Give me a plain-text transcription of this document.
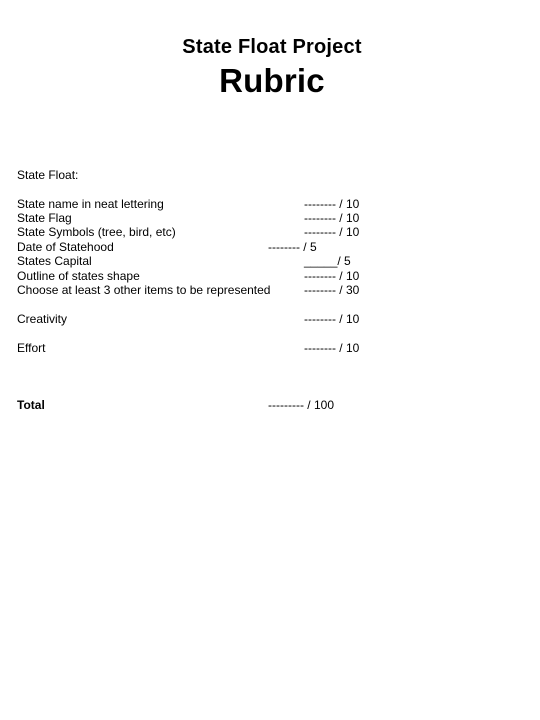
State Float Project
Rubric
State Float:
State name in neat lettering	-------- / 10
State Flag	-------- / 10
State Symbols (tree, bird, etc)	-------- / 10
Date of Statehood	-------- / 5
States Capital	_____/ 5
Outline of states shape	-------- / 10
Choose at least 3 other items to be represented	-------- / 30
Creativity	-------- / 10
Effort	-------- / 10
Total	--------- / 100
